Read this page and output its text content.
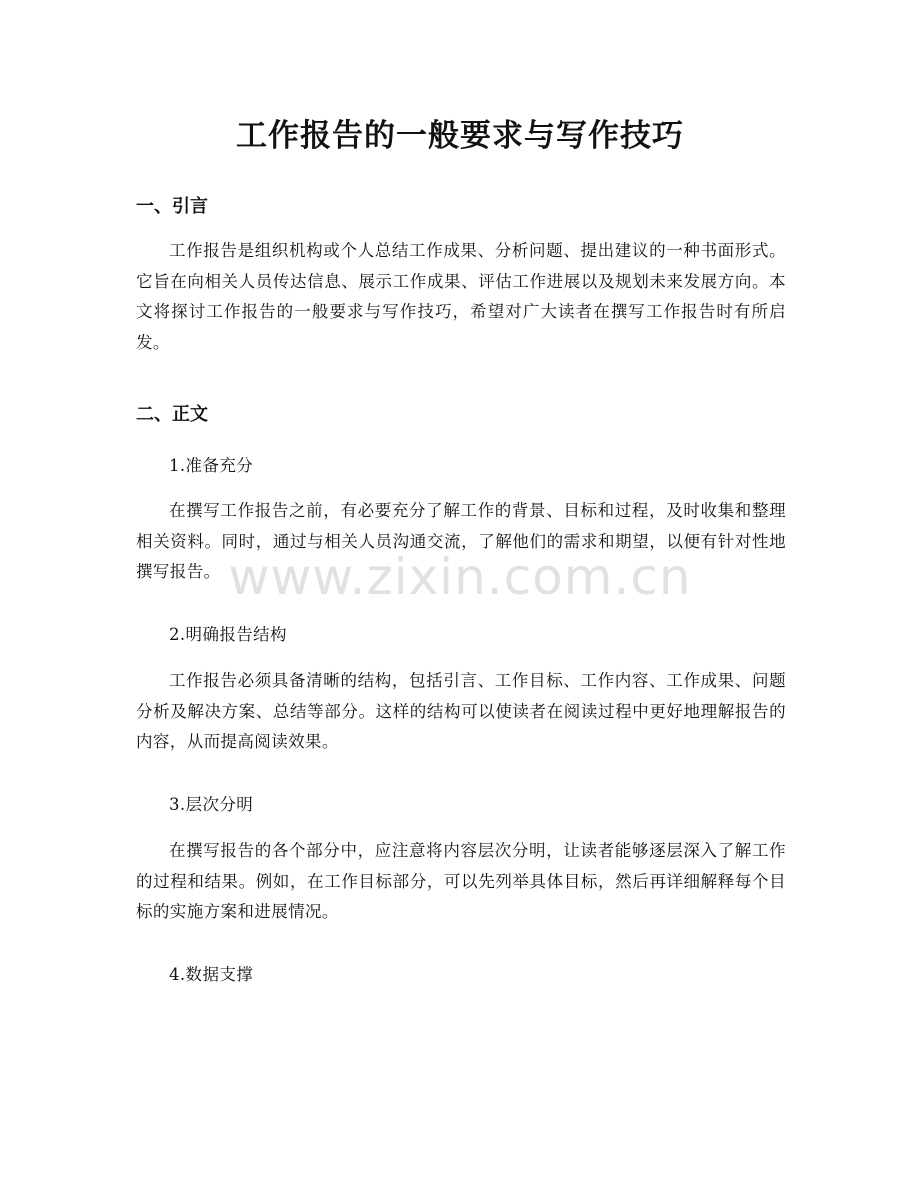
工作报告的一般要求与写作技巧
一、引言

工作报告是组织机构或个人总结工作成果、分析问题、提出建议的一种书面形式。它旨在向相关人员传达信息、展示工作成果、评估工作进展以及规划未来发展方向。本文将探讨工作报告的一般要求与写作技巧，希望对广大读者在撰写工作报告时有所启发。

二、正文
1.准备充分

在撰写工作报告之前，有必要充分了解工作的背景、目标和过程，及时收集和整理相关资料。同时，通过与相关人员沟通交流，了解他们的需求和期望，以便有针对性地撰写报告。

2.明确报告结构

工作报告必须具备清晰的结构，包括引言、工作目标、工作内容、工作成果、问题分析及解决方案、总结等部分。这样的结构可以使读者在阅读过程中更好地理解报告的内容，从而提高阅读效果。

3.层次分明

在撰写报告的各个部分中，应注意将内容层次分明，让读者能够逐层深入了解工作的过程和结果。例如，在工作目标部分，可以先列举具体目标，然后再详细解释每个目标的实施方案和进展情况。

4.数据支撑
www.zixin.com.cn
